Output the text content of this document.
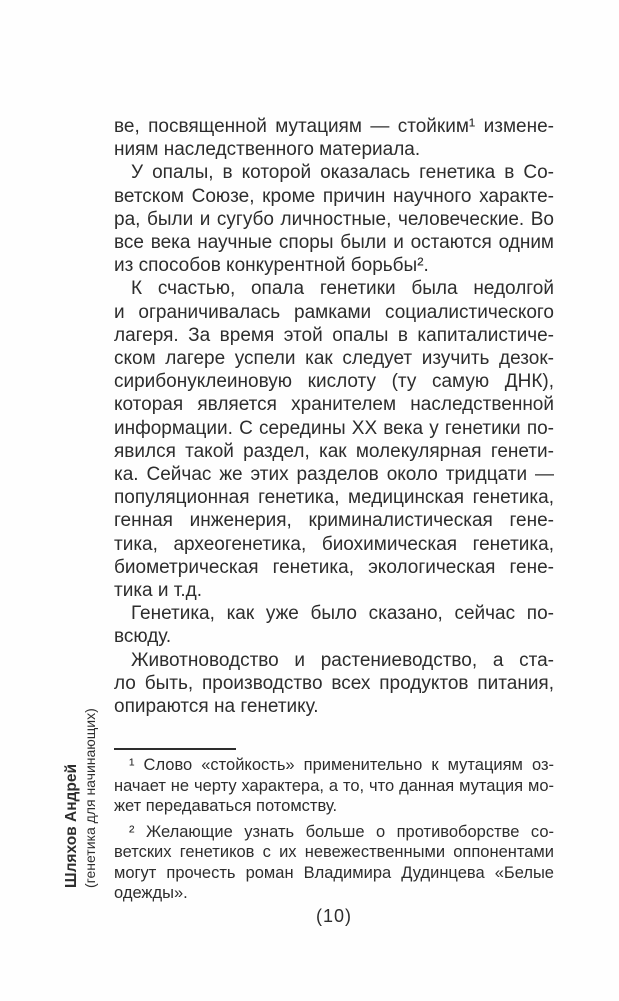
Шляхов Андрей (генетика для начинающих)
ве, посвященной мутациям — стойким¹ измене-
ниям наследственного материала.
У опалы, в которой оказалась генетика в Со-
ветском Союзе, кроме причин научного характе-
ра, были и сугубо личностные, человеческие. Во
все века научные споры были и остаются одним
из способов конкурентной борьбы².
К счастью, опала генетики была недолгой
и ограничивалась рамками социалистического
лагеря. За время этой опалы в капиталистиче-
ском лагере успели как следует изучить дезок-
сирибонуклеиновую кислоту (ту самую ДНК),
которая является хранителем наследственной
информации. С середины XX века у генетики по-
явился такой раздел, как молекулярная генети-
ка. Сейчас же этих разделов около тридцати —
популяционная генетика, медицинская генетика,
генная инженерия, криминалистическая гене-
тика, археогенетика, биохимическая генетика,
биометрическая генетика, экологическая гене-
тика и т.д.
Генетика, как уже было сказано, сейчас по-
всюду.
Животноводство и растениеводство, а ста-
ло быть, производство всех продуктов питания,
опираются на генетику.
¹ Слово «стойкость» применительно к мутациям оз-
начает не черту характера, а то, что данная мутация мо-
жет передаваться потомству.
² Желающие узнать больше о противоборстве со-
ветских генетиков с их невежественными оппонентами
могут прочесть роман Владимира Дудинцева «Белые
одежды».
(10)
